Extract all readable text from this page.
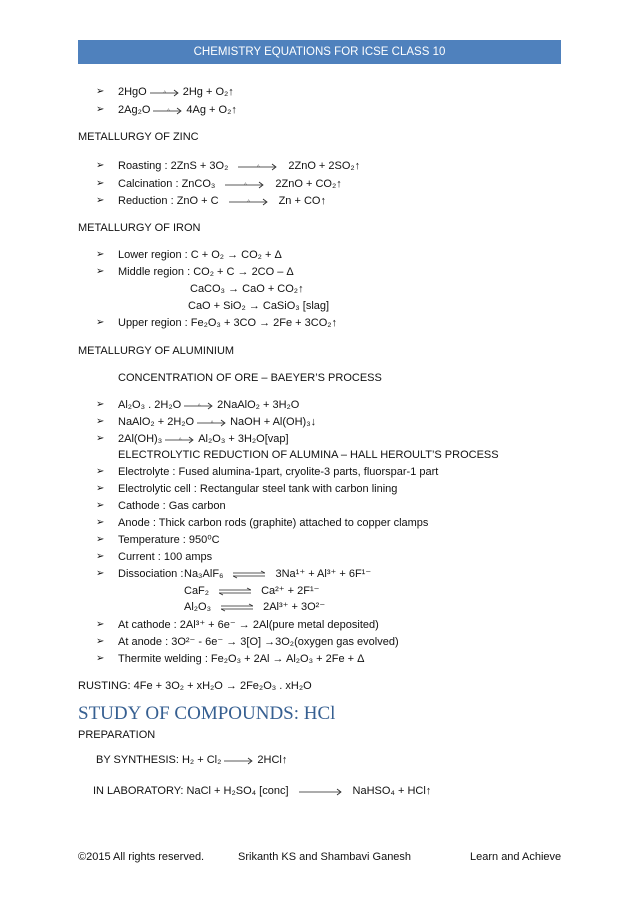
CHEMISTRY EQUATIONS FOR ICSE CLASS 10
➢ 2HgO	Δ	2Hg + O₂↑
➢ 2Ag₂O	Δ	4Ag + O₂↑
METALLURGY OF ZINC
➢ Roasting : 2ZnS + 3O₂	Δ	2ZnO + 2SO₂↑
➢ Calcination : ZnCO₃	Δ	2ZnO + CO₂↑
➢ Reduction : ZnO + C	Δ	Zn + CO↑
METALLURGY OF IRON
➢ Lower region : C + O₂ → CO₂ + Δ
➢ Middle region : CO₂ + C → 2CO – Δ
CaCO₃ → CaO + CO₂↑
CaO + SiO₂ → CaSiO₃ [slag]
➢ Upper region : Fe₂O₃ + 3CO → 2Fe + 3CO₂↑
METALLURGY OF ALUMINIUM
CONCENTRATION OF ORE – BAEYER’S PROCESS
➢ Al₂O₃ . 2H₂O	Δ	2NaAlO₂ + 3H₂O
➢ NaAlO₂ + 2H₂O	Δ	NaOH + Al(OH)₃↓
➢ 2Al(OH)₃	Δ	Al₂O₃ + 3H₂O[vap]
ELECTROLYTIC REDUCTION OF ALUMINA – HALL HEROULT’S PROCESS
➢ Electrolyte : Fused alumina-1part, cryolite-3 parts, fluorspar-1 part
➢ Electrolytic cell : Rectangular steel tank with carbon lining
➢ Cathode : Gas carbon
➢ Anode : Thick carbon rods (graphite) attached to copper clamps
➢ Temperature : 950⁰C
➢ Current : 100 amps
➢ Dissociation : Na₃AlF₆ ⇌ 3Na¹⁺ + Al³⁺ + 6F¹⁻
CaF₂ ⇌ Ca²⁺ + 2F¹⁻
Al₂O₃ ⇌ 2Al³⁺ + 3O²⁻
➢ At cathode : 2Al³⁺ + 6e⁻ → 2Al(pure metal deposited)
➢ At anode : 3O²⁻ - 6e⁻ → 3[O] →3O₂(oxygen gas evolved)
➢ Thermite welding : Fe₂O₃ + 2Al → Al₂O₃ + 2Fe + Δ
RUSTING: 4Fe + 3O₂ + xH₂O → 2Fe₂O₃ . xH₂O
STUDY OF COMPOUNDS: HCl
PREPARATION
BY SYNTHESIS: H₂ + Cl₂	2HCl↑
IN LABORATORY: NaCl + H₂SO₄ [conc]	NaHSO₄ + HCl↑
©2015 All rights reserved.	Srikanth KS and Shambavi Ganesh	Learn and Achieve
